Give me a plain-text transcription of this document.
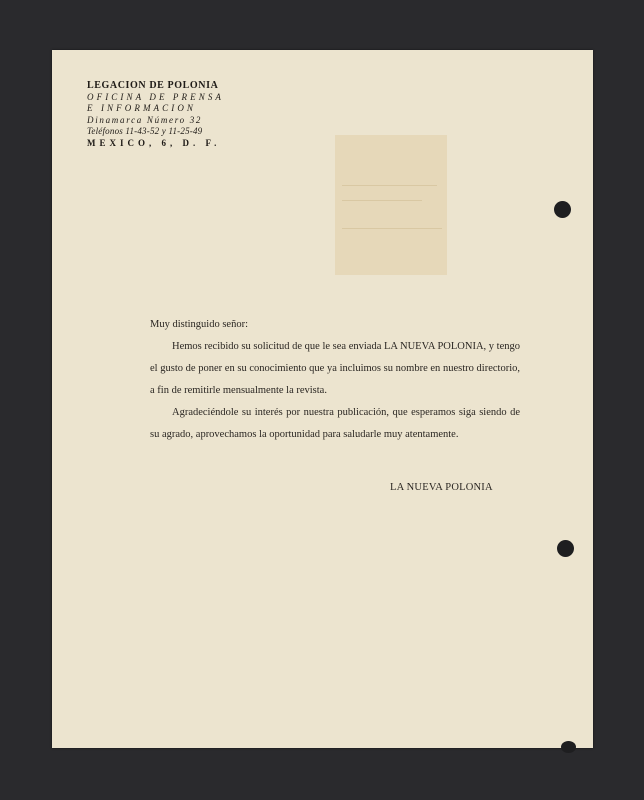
LEGACION DE POLONIA
OFICINA DE PRENSA
E INFORMACION
Dinamarca Número 32
Teléfonos 11-43-52 y 11-25-49
MEXICO, 6, D. F.
Muy distinguido señor:

Hemos recibido su solicitud de que le sea enviada LA NUEVA POLONIA, y tengo el gusto de poner en su conocimiento que ya incluimos su nombre en nuestro directorio, a fin de remitirle mensualmente la revista.

Agradeciéndole su interés por nuestra publicación, que esperamos siga siendo de su agrado, aprovechamos la oportunidad para saludarle muy atentamente.

LA NUEVA POLONIA
